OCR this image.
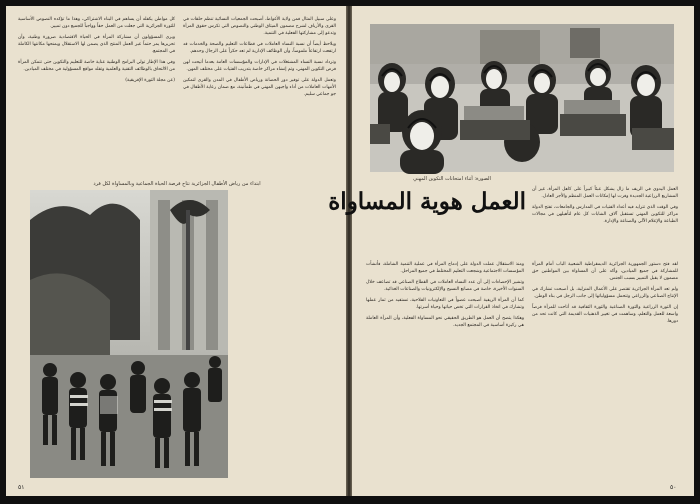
وعلى سبيل المثال فمن ولاية الأغواط، أصبحت الجمعيات النسائية تنظم حلقات في القرى والأرياف لشرح مضمون الميثاق الوطني والنصوص التي تكرس حقوق المرأة وتدعو إلى مشاركتها الفعلية في التنمية.

ويلاحظ أيضاً أن نسبة النساء العاملات في قطاعات التعليم والصحة والخدمات قد ارتفعت ارتفاعاً ملموساً، وأن الوظائف الإدارية لم تعد حكراً على الرجال وحدهم.

وتزداد نسبة النساء المشتغلات في الإدارات والمؤسسات العامة بعدما أتيحت لهن فرص التكوين المهني، وتم إنشاء مراكز خاصة بتدريب الفتيات على مختلف المهن.

وتعمل الدولة على توفير دور الحضانة ورياض الأطفال في المدن والقرى لتمكين الأمهات العاملات من أداء واجبهن المهني في طمأنينة، مع ضمان رعاية الأطفال في جو جماعي سليم.

كل مواطن يكفله أن يساهم في البناء الاشتراكي، وهذا ما تؤكده النصوص الأساسية للثورة الجزائرية التي جعلت من العمل حقاً وواجباً للجميع دون تمييز.

ويرى المسؤولون أن مشاركة المرأة في الحياة الاقتصادية ضرورة وطنية، وأن تحريرها يمر حتماً عبر العمل المنتج الذي يضمن لها الاستقلال ويمنحها مكانتها الكاملة في المجتمع.

وفي هذا الإطار تولي البرامج الوطنية عناية خاصة للتعليم والتكوين حتى تتمكن المرأة من الالتحاق بالوظائف التقنية والعلمية وتقلد مواقع المسؤولية في مختلف الميادين.

(عن مجلة الثورة الإفريقية)

ابتداء من رياض الأطفال الجزائرية تتاح فرصة الحياة الجماعية وبالمساواة لكل فرد
٥١
الصورة: أثناء امتحانات التكوين المهني

العمل اليدوي في الريف ما زال يشكل عبئاً كبيراً على كاهل المرأة، غير أن المشاريع الزراعية الجديدة وفرت لها إمكانات العمل المنظم والأجر العادل.

وفي الوقت الذي تتزايد فيه أعداد الفتيات في المدارس والجامعات، تفتح الدولة مراكز للتكوين المهني تستقبل آلاف الشابات كل عام لتأهيلهن في مجالات الطباعة والإعلام الآلي والصناعة والإدارة.

العمل هوية المساواة

لقد فتح دستور الجمهورية الجزائرية الديمقراطية الشعبية الباب أمام المرأة للمشاركة في جميع الميادين، وأكد على أن المساواة بين المواطنين حق مضمون لا يقبل التمييز بسبب الجنس.

ولم تعد المرأة الجزائرية تقتصر على الأعمال المنزلية، بل أصبحت تشارك في الإنتاج الصناعي والزراعي وتتحمل مسؤولياتها إلى جانب الرجل في بناء الوطن.

إن الثورة الزراعية والثورة الصناعية والثورة الثقافية قد أتاحت للمرأة فرصاً واسعة للعمل والتعلم، وساهمت في تغيير الذهنيات القديمة التي كانت تحد من دورها.

ومنذ الاستقلال عملت الدولة على إدماج المرأة في عملية التنمية الشاملة، فأنشأت المؤسسات الاجتماعية وشجعت التعليم المختلط في جميع المراحل.

وتشير الإحصاءات إلى أن عدد النساء العاملات في القطاع الصناعي قد تضاعف خلال السنوات الأخيرة، خاصة في مصانع النسيج والإلكترونيات والصناعات الغذائية.

كما أن المرأة الريفية أصبحت عضواً في التعاونيات الفلاحية، تستفيد من ثمار عملها وتشارك في اتخاذ القرارات التي تخص حياتها وحياة أسرتها.

وهكذا يتضح أن العمل هو الطريق الحقيقي نحو المساواة الفعلية، وأن المرأة العاملة هي ركيزة أساسية في المجتمع الجديد.

٥٠
